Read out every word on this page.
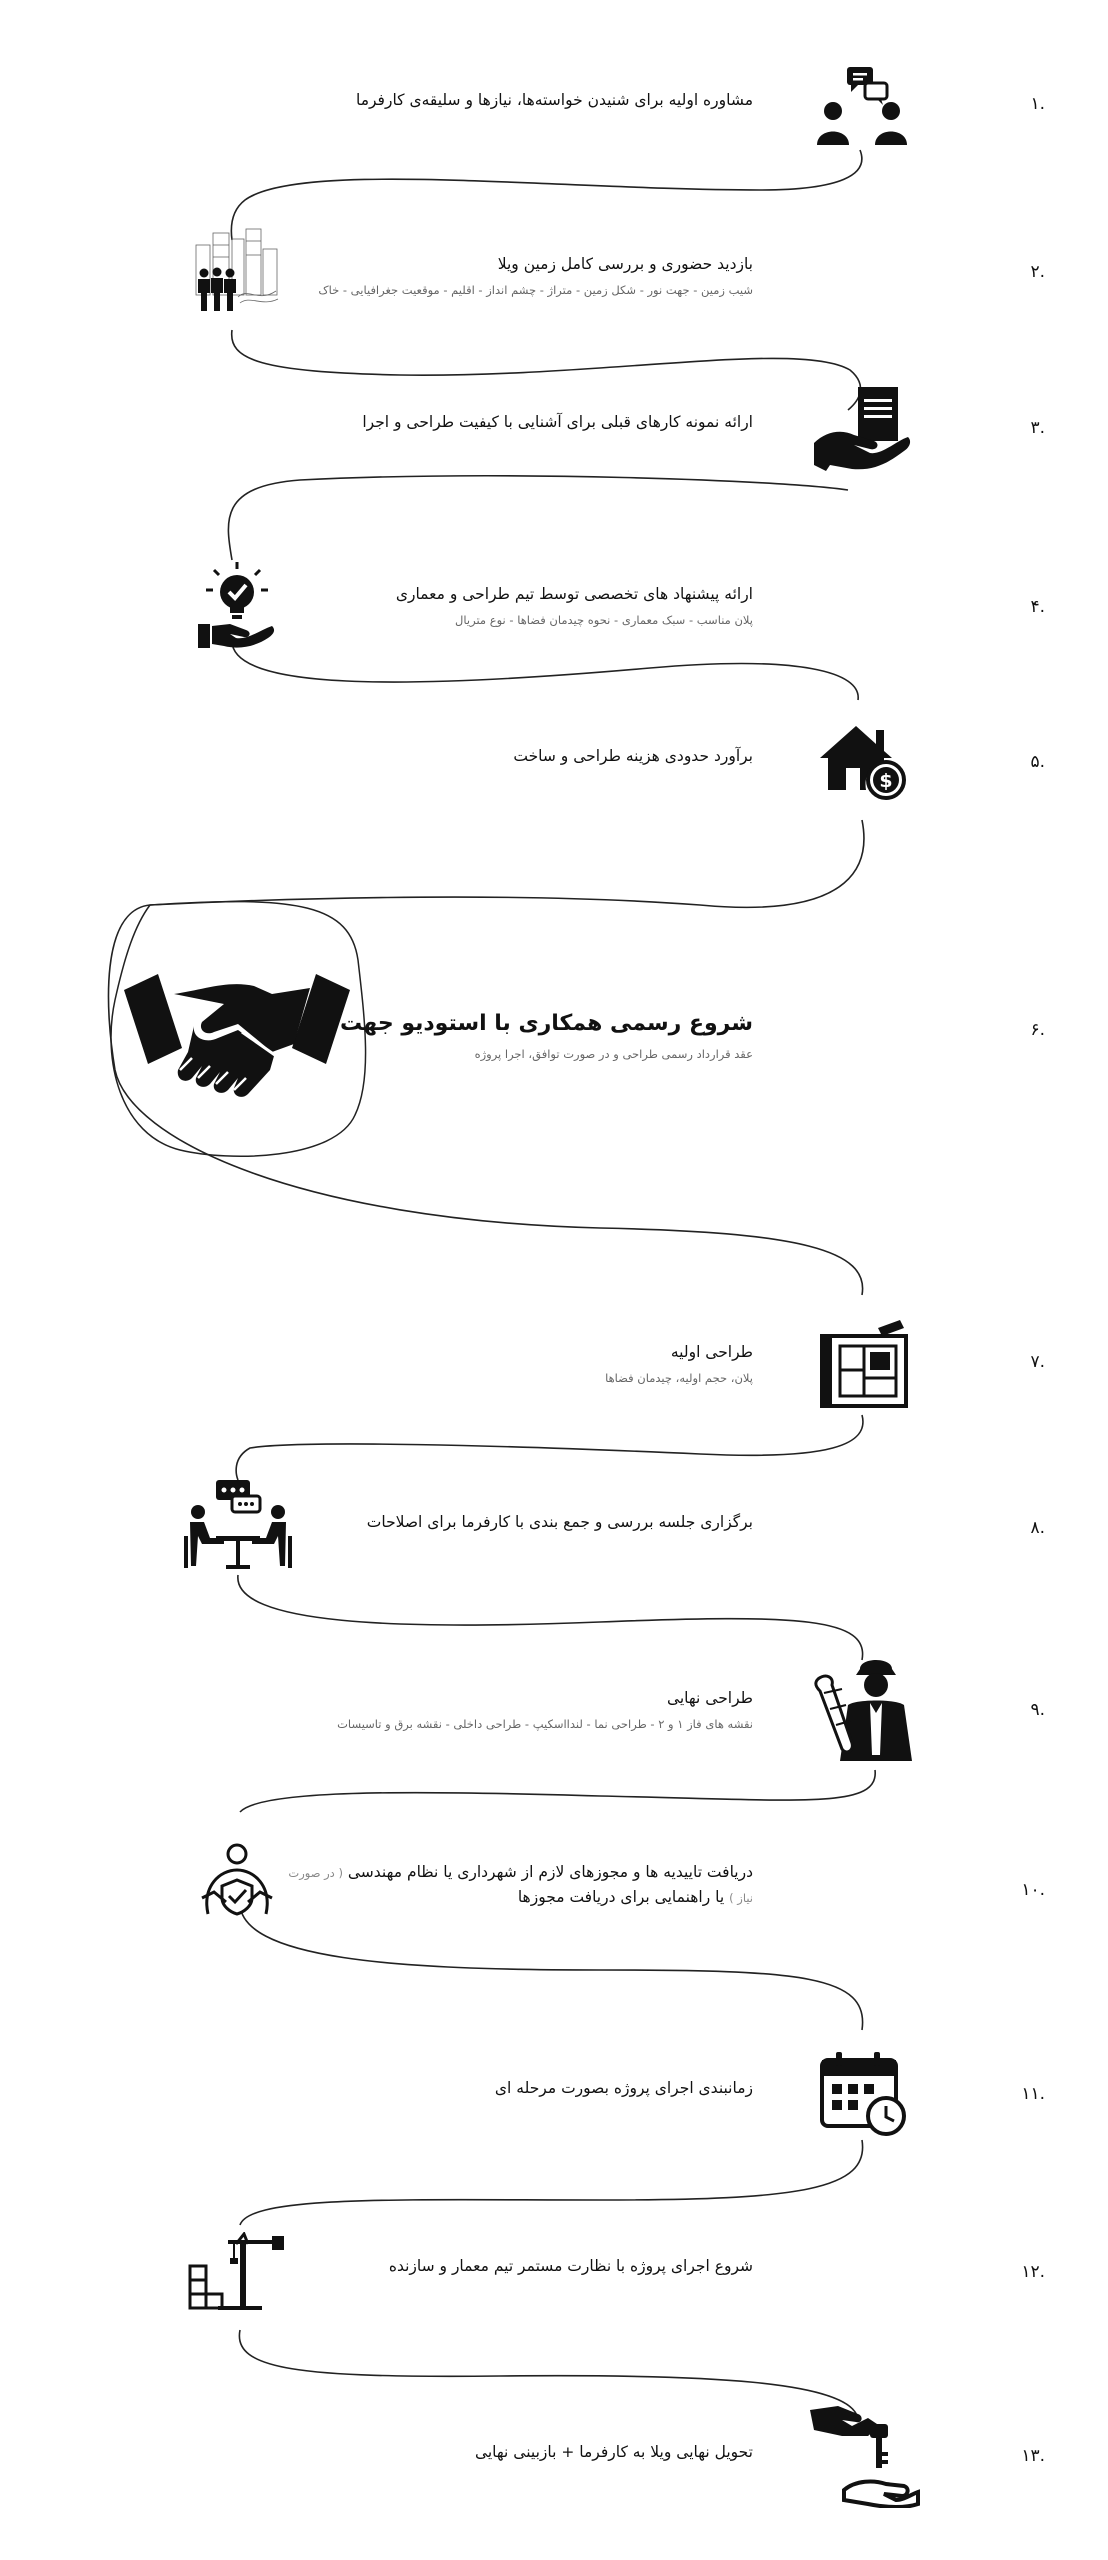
.۱
مشاوره اولیه برای شنیدن خواسته‌ها، نیازها و سلیقه‌ی کارفرما
.۲
بازدید حضوری و بررسی کامل زمین ویلا
شیب زمین - جهت نور - شکل زمین - متراژ - چشم انداز - اقلیم - موقعیت جغرافیایی - خاک
.۳
ارائه نمونه کارهای قبلی برای آشنایی با کیفیت طراحی و اجرا
.۴
ارائه پیشنهاد های تخصصی توسط تیم طراحی و معماری
پلان مناسب - سبک معماری - نحوه چیدمان فضاها - نوع متریال
.۵
برآورد حدودی هزینه طراحی و ساخت
$
.۶
شروع رسمی همکاری با استودیو جهت
عقد قرارداد رسمی طراحی و در صورت توافق، اجرا پروژه
.۷
طراحی اولیه
پلان، حجم اولیه، چیدمان فضاها
.۸
برگزاری جلسه بررسی و جمع بندی با کارفرما برای اصلاحات
.۹
طراحی نهایی
نقشه های فاز ۱ و ۲ - طراحی نما - لندااسکیپ - طراحی داخلی - نقشه برق و تاسیسات
.۱۰
دریافت تاییدیه ها و مجوزهای لازم از شهرداری یا نظام مهندسی ( در صورت
نیاز ) یا راهنمایی برای دریافت مجوزها
.۱۱
زمانبندی اجرای پروژه بصورت مرحله ای
.۱۲
شروع اجرای پروژه با نظارت مستمر تیم معمار و سازنده
.۱۳
تحویل نهایی ویلا به کارفرما + بازبینی نهایی
